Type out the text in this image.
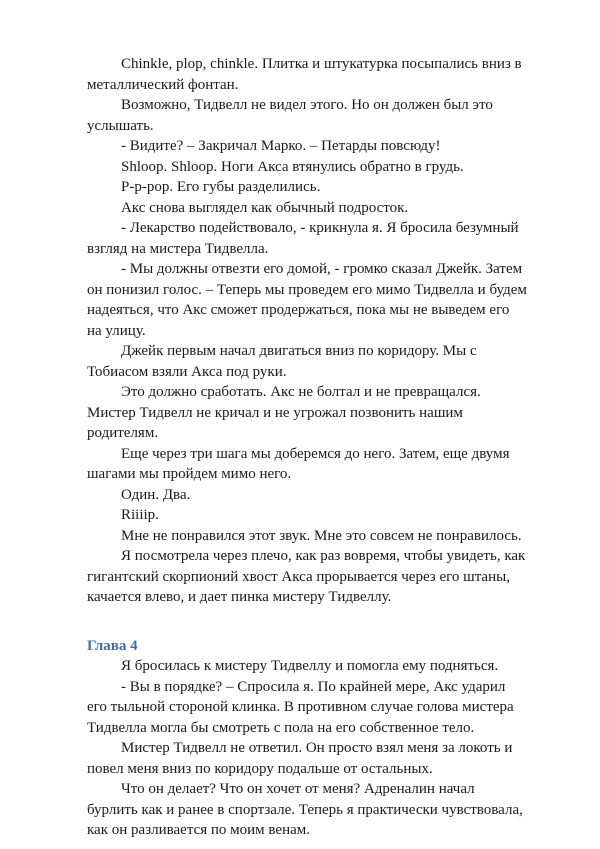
Chinkle, plop, chinkle. Плитка и штукатурка посыпались вниз в металлический фонтан.

Возможно, Тидвелл не видел этого. Но он должен был это услышать.

- Видите? – Закричал Марко. – Петарды повсюду!

Shloop. Shloop. Ноги Акса втянулись обратно в грудь.

P-p-pop. Его губы разделились.

Акс снова выглядел как обычный подросток.

- Лекарство подействовало, - крикнула я. Я бросила безумный взгляд на мистера Тидвелла.

- Мы должны отвезти его домой, - громко сказал Джейк. Затем он понизил голос. – Теперь мы проведем его мимо Тидвелла и будем надеяться, что Акс сможет продержаться, пока мы не выведем его на улицу.

Джейк первым начал двигаться вниз по коридору. Мы с Тобиасом взяли Акса под руки.

Это должно сработать. Акс не болтал и не превращался. Мистер Тидвелл не кричал и не угрожал позвонить нашим родителям.

Еще через три шага мы доберемся до него. Затем, еще двумя шагами мы пройдем мимо него.

Один. Два.

Riiiip.

Мне не понравился этот звук. Мне это совсем не понравилось.

Я посмотрела через плечо, как раз вовремя, чтобы увидеть, как гигантский скорпионий хвост Акса прорывается через его штаны, качается влево, и дает пинка мистеру Тидвеллу.

Глава 4

Я бросилась к мистеру Тидвеллу и помогла ему подняться.

- Вы в порядке? – Спросила я. По крайней мере, Акс ударил его тыльной стороной клинка. В противном случае голова мистера Тидвелла могла бы смотреть с пола на его собственное тело.

Мистер Тидвелл не ответил. Он просто взял меня за локоть и повел меня вниз по коридору подальше от остальных.

Что он делает? Что он хочет от меня? Адреналин начал бурлить как и ранее в спортзале. Теперь я практически чувствовала, как он разливается по моим венам.
